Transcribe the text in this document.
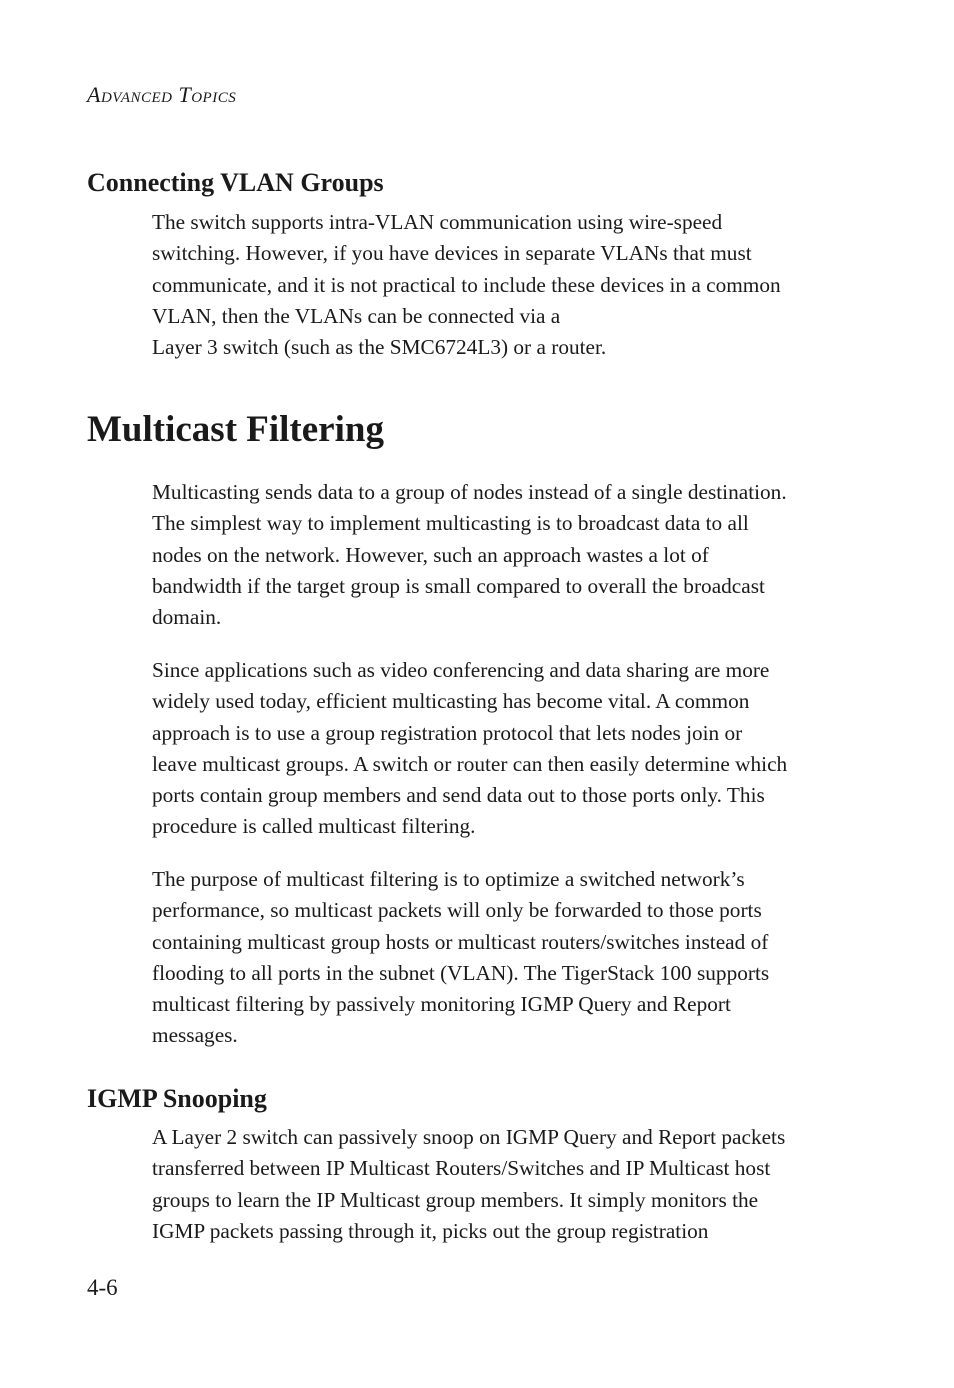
Advanced Topics
Connecting VLAN Groups

The switch supports intra-VLAN communication using wire-speed
switching. However, if you have devices in separate VLANs that must
communicate, and it is not practical to include these devices in a common
VLAN, then the VLANs can be connected via a
Layer 3 switch (such as the SMC6724L3) or a router.

Multicast Filtering

Multicasting sends data to a group of nodes instead of a single destination.
The simplest way to implement multicasting is to broadcast data to all
nodes on the network. However, such an approach wastes a lot of
bandwidth if the target group is small compared to overall the broadcast
domain.

Since applications such as video conferencing and data sharing are more
widely used today, efficient multicasting has become vital. A common
approach is to use a group registration protocol that lets nodes join or
leave multicast groups. A switch or router can then easily determine which
ports contain group members and send data out to those ports only. This
procedure is called multicast filtering.

The purpose of multicast filtering is to optimize a switched network’s
performance, so multicast packets will only be forwarded to those ports
containing multicast group hosts or multicast routers/switches instead of
flooding to all ports in the subnet (VLAN). The TigerStack 100 supports
multicast filtering by passively monitoring IGMP Query and Report
messages.

IGMP Snooping

A Layer 2 switch can passively snoop on IGMP Query and Report packets
transferred between IP Multicast Routers/Switches and IP Multicast host
groups to learn the IP Multicast group members. It simply monitors the
IGMP packets passing through it, picks out the group registration

4-6
